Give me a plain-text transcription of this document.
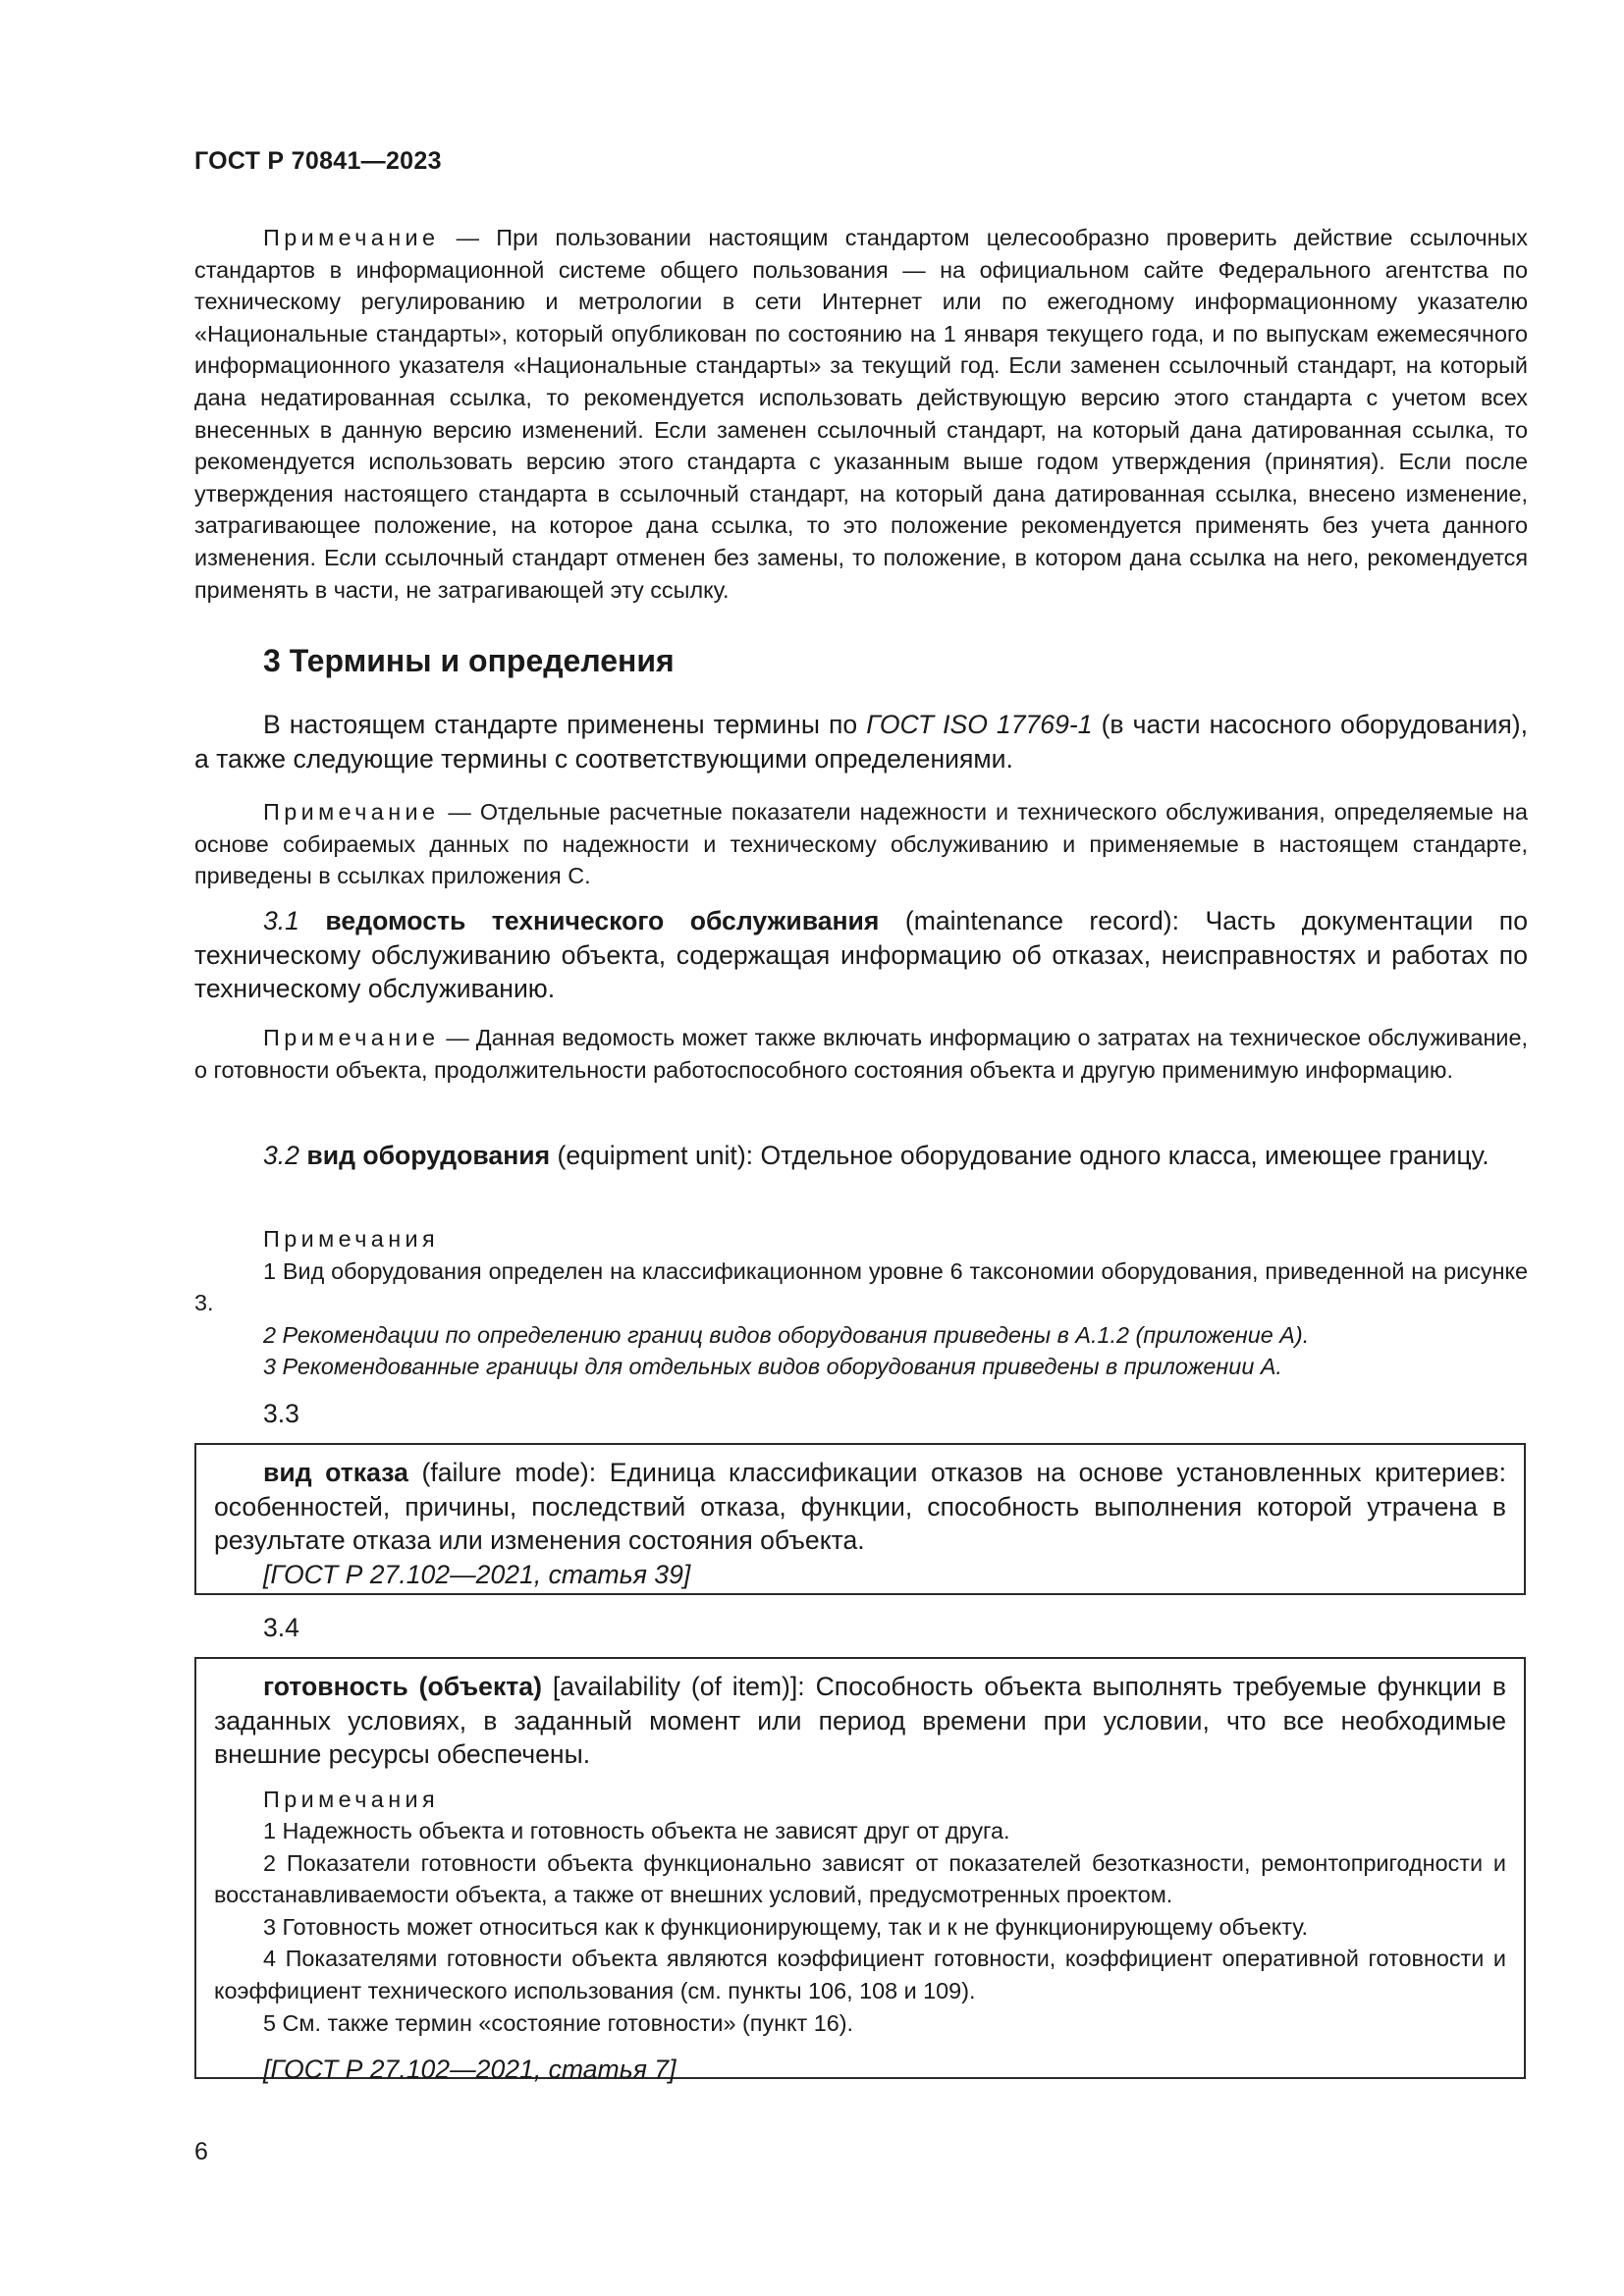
ГОСТ Р 70841—2023
Примечание — При пользовании настоящим стандартом целесообразно проверить действие ссылочных стандартов в информационной системе общего пользования — на официальном сайте Федерального агентства по техническому регулированию и метрологии в сети Интернет или по ежегодному информационному указателю «Национальные стандарты», который опубликован по состоянию на 1 января текущего года, и по выпускам ежемесячного информационного указателя «Национальные стандарты» за текущий год. Если заменен ссылочный стандарт, на который дана недатированная ссылка, то рекомендуется использовать действующую версию этого стандарта с учетом всех внесенных в данную версию изменений. Если заменен ссылочный стандарт, на который дана датированная ссылка, то рекомендуется использовать версию этого стандарта с указанным выше годом утверждения (принятия). Если после утверждения настоящего стандарта в ссылочный стандарт, на который дана датированная ссылка, внесено изменение, затрагивающее положение, на которое дана ссылка, то это положение рекомендуется применять без учета данного изменения. Если ссылочный стандарт отменен без замены, то положение, в котором дана ссылка на него, рекомендуется применять в части, не затрагивающей эту ссылку.
3 Термины и определения
В настоящем стандарте применены термины по ГОСТ ISO 17769-1 (в части насосного оборудования), а также следующие термины с соответствующими определениями.
Примечание — Отдельные расчетные показатели надежности и технического обслуживания, определяемые на основе собираемых данных по надежности и техническому обслуживанию и применяемые в настоящем стандарте, приведены в ссылках приложения С.
3.1 ведомость технического обслуживания (maintenance record): Часть документации по техническому обслуживанию объекта, содержащая информацию об отказах, неисправностях и работах по техническому обслуживанию.
Примечание — Данная ведомость может также включать информацию о затратах на техническое обслуживание, о готовности объекта, продолжительности работоспособного состояния объекта и другую применимую информацию.
3.2 вид оборудования (equipment unit): Отдельное оборудование одного класса, имеющее границу.
Примечания
1 Вид оборудования определен на классификационном уровне 6 таксономии оборудования, приведенной на рисунке 3.
2 Рекомендации по определению границ видов оборудования приведены в А.1.2 (приложение А).
3 Рекомендованные границы для отдельных видов оборудования приведены в приложении А.
3.3
вид отказа (failure mode): Единица классификации отказов на основе установленных критериев: особенностей, причины, последствий отказа, функции, способность выполнения которой утрачена в результате отказа или изменения состояния объекта.
[ГОСТ Р 27.102—2021, статья 39]
3.4
готовность (объекта) [availability (of item)]: Способность объекта выполнять требуемые функции в заданных условиях, в заданный момент или период времени при условии, что все необходимые внешние ресурсы обеспечены.
Примечания
1 Надежность объекта и готовность объекта не зависят друг от друга.
2 Показатели готовности объекта функционально зависят от показателей безотказности, ремонтопригодности и восстанавливаемости объекта, а также от внешних условий, предусмотренных проектом.
3 Готовность может относиться как к функционирующему, так и к не функционирующему объекту.
4 Показателями готовности объекта являются коэффициент готовности, коэффициент оперативной готовности и коэффициент технического использования (см. пункты 106, 108 и 109).
5 См. также термин «состояние готовности» (пункт 16).
[ГОСТ Р 27.102—2021, статья 7]
6
